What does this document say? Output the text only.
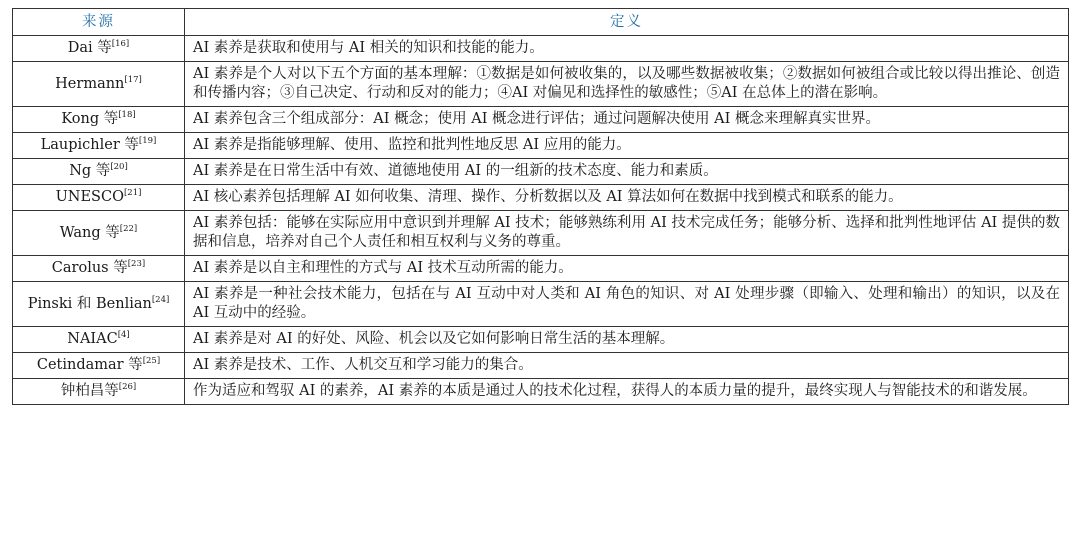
来源	定义
Dai 等[16]	AI 素养是获取和使用与 AI 相关的知识和技能的能力。
Hermann[17]	AI 素养是个人对以下五个方面的基本理解：①数据是如何被收集的，以及哪些数据被收集；②数据如何被组合或比较以得出推论、创造和传播内容；③自己决定、行动和反对的能力；④AI 对偏见和选择性的敏感性；⑤AI 在总体上的潜在影响。
Kong 等[18]	AI 素养包含三个组成部分：AI 概念；使用 AI 概念进行评估；通过问题解决使用 AI 概念来理解真实世界。
Laupichler 等[19]	AI 素养是指能够理解、使用、监控和批判性地反思 AI 应用的能力。
Ng 等[20]	AI 素养是在日常生活中有效、道德地使用 AI 的一组新的技术态度、能力和素质。
UNESCO[21]	AI 核心素养包括理解 AI 如何收集、清理、操作、分析数据以及 AI 算法如何在数据中找到模式和联系的能力。
Wang 等[22]	AI 素养包括：能够在实际应用中意识到并理解 AI 技术；能够熟练利用 AI 技术完成任务；能够分析、选择和批判性地评估 AI 提供的数据和信息，培养对自己个人责任和相互权利与义务的尊重。
Carolus 等[23]	AI 素养是以自主和理性的方式与 AI 技术互动所需的能力。
Pinski 和 Benlian[24]	AI 素养是一种社会技术能力，包括在与 AI 互动中对人类和 AI 角色的知识、对 AI 处理步骤（即输入、处理和输出）的知识，以及在 AI 互动中的经验。
NAIAC[4]	AI 素养是对 AI 的好处、风险、机会以及它如何影响日常生活的基本理解。
Cetindamar 等[25]	AI 素养是技术、工作、人机交互和学习能力的集合。
钟柏昌等[26]	作为适应和驾驭 AI 的素养，AI 素养的本质是通过人的技术化过程，获得人的本质力量的提升，最终实现人与智能技术的和谐发展。
